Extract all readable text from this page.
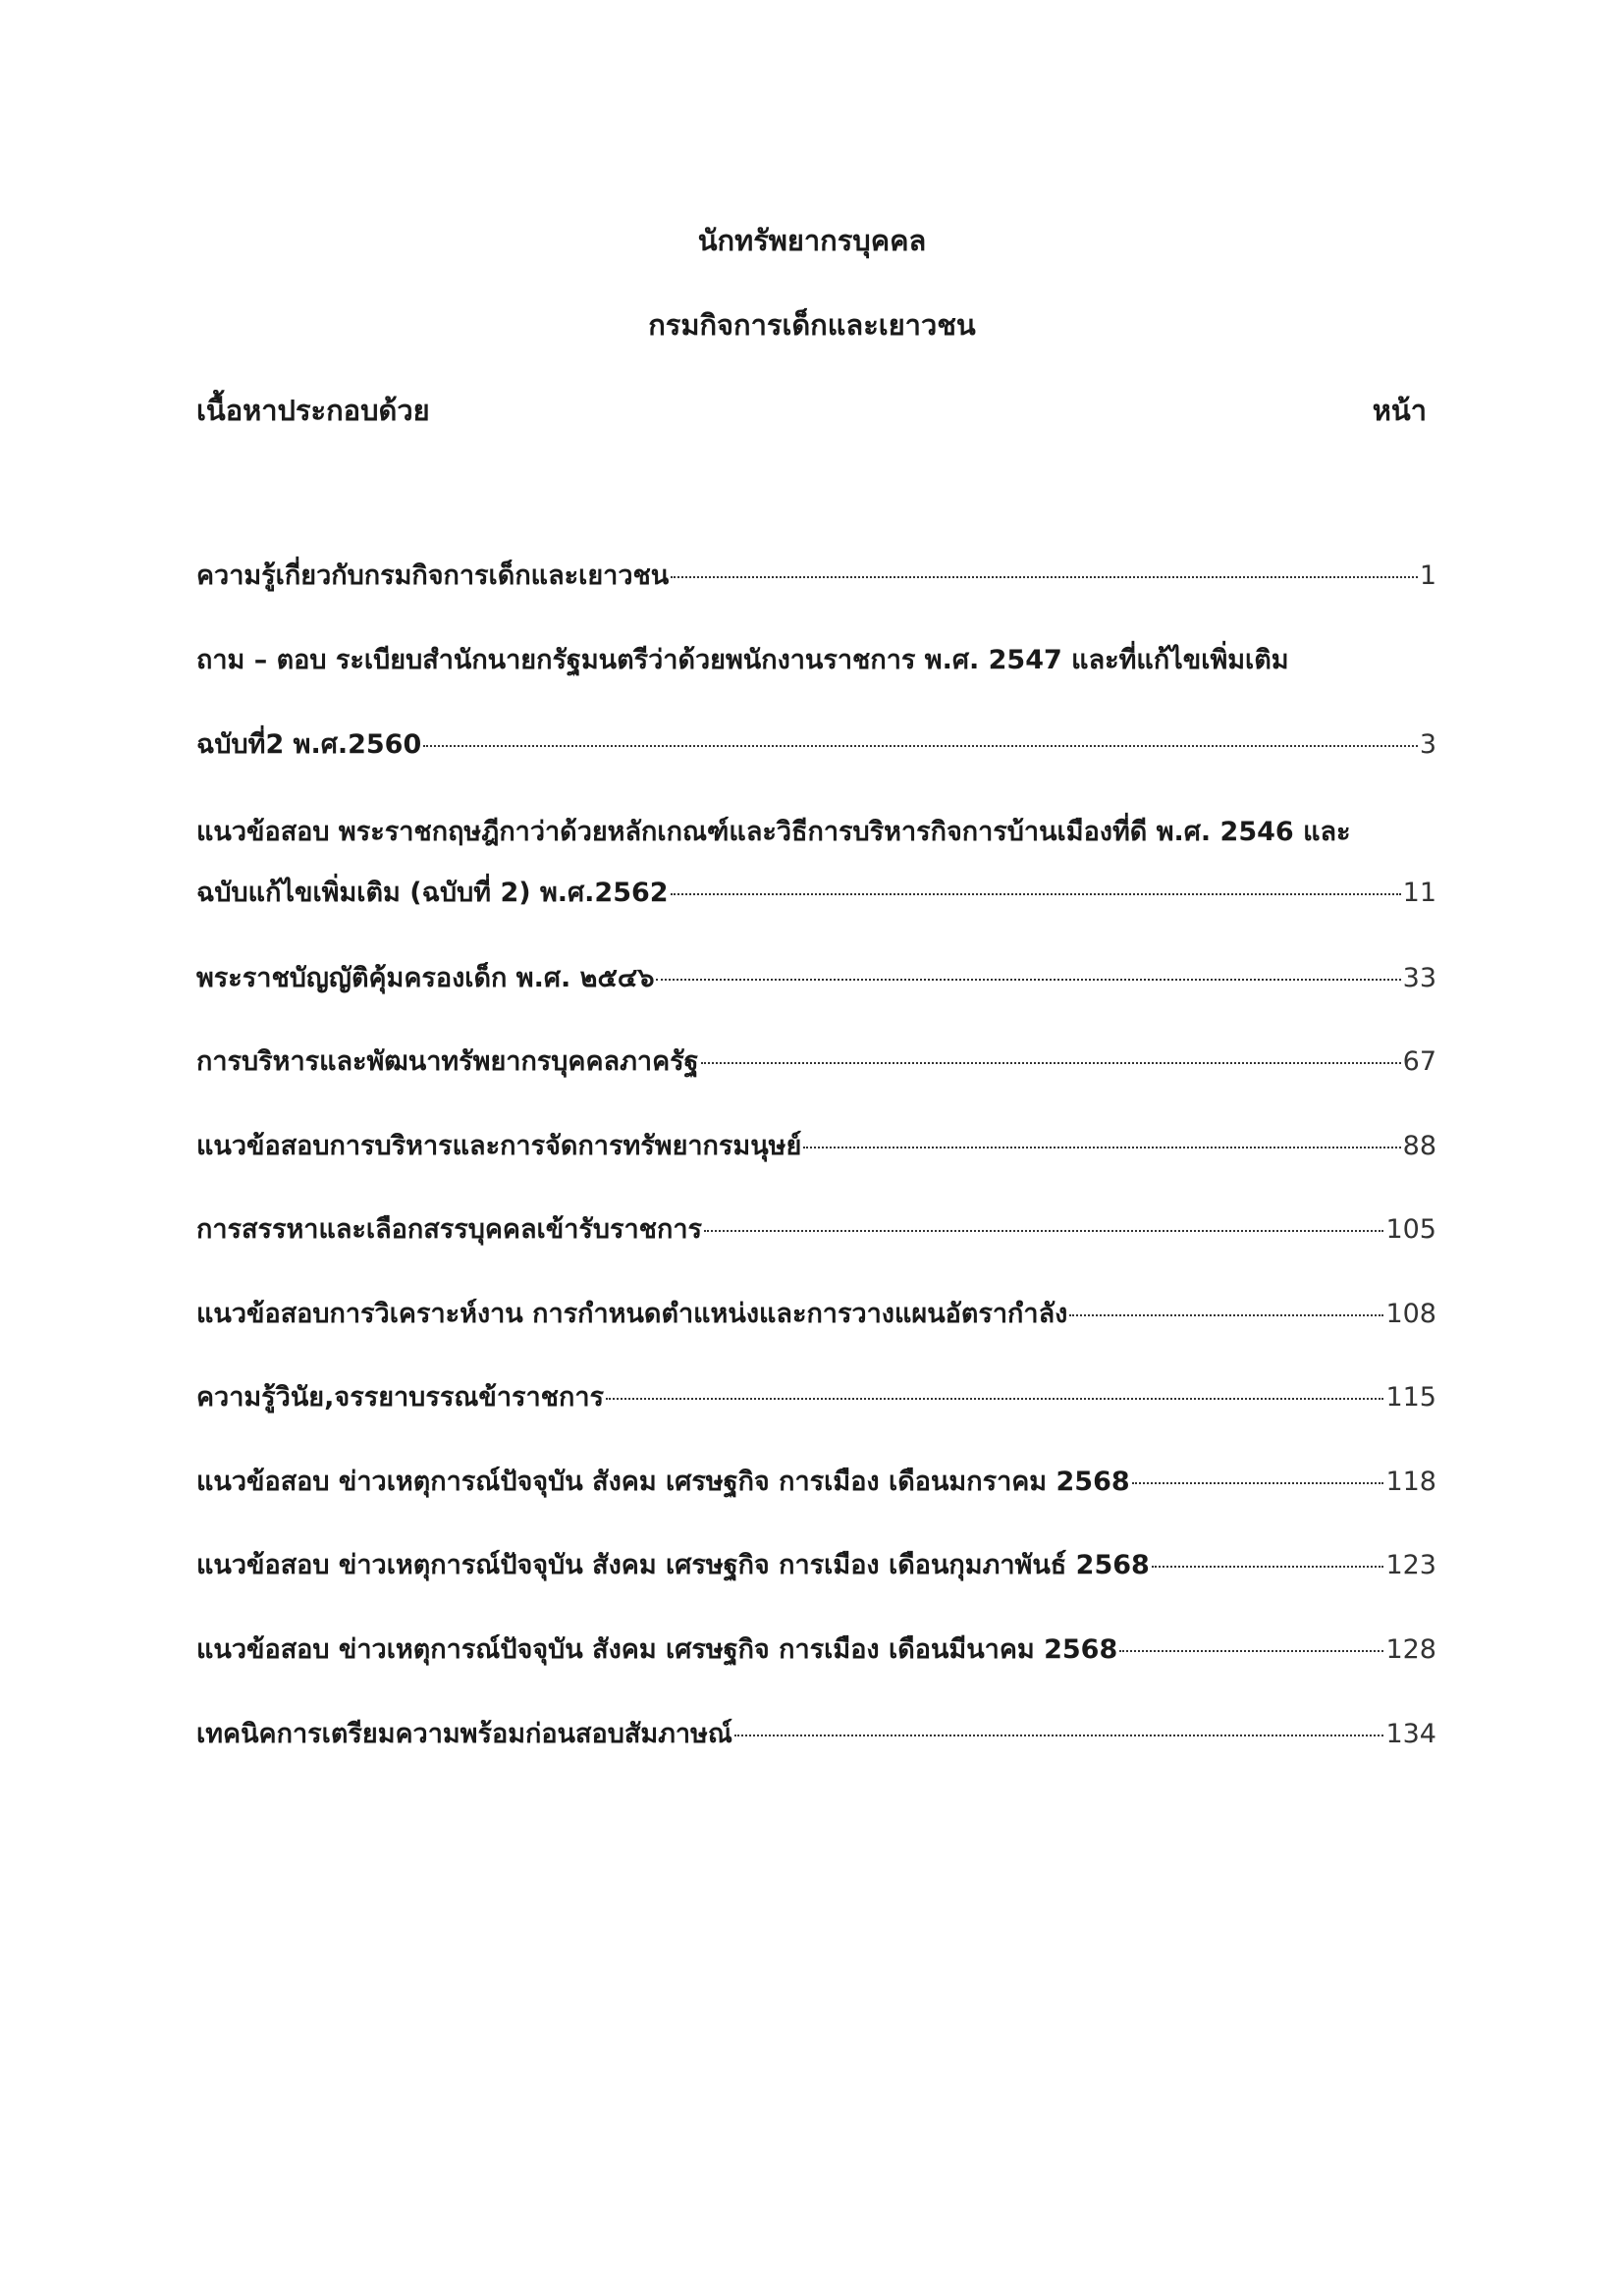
นักทรัพยากรบุคคล
กรมกิจการเด็กและเยาวชน
เนื้อหาประกอบด้วย	หน้า
ความรู้เกี่ยวกับกรมกิจการเด็กและเยาวชน	1
ถาม – ตอบ ระเบียบสำนักนายกรัฐมนตรีว่าด้วยพนักงานราชการ พ.ศ. 2547 และที่แก้ไขเพิ่มเติม
ฉบับที่2 พ.ศ.2560	3
แนวข้อสอบ พระราชกฤษฎีกาว่าด้วยหลักเกณฑ์และวิธีการบริหารกิจการบ้านเมืองที่ดี พ.ศ. 2546 และ
ฉบับแก้ไขเพิ่มเติม (ฉบับที่ 2) พ.ศ.2562	11
พระราชบัญญัติคุ้มครองเด็ก พ.ศ. ๒๕๔๖	33
การบริหารและพัฒนาทรัพยากรบุคคลภาครัฐ	67
แนวข้อสอบการบริหารและการจัดการทรัพยากรมนุษย์	88
การสรรหาและเลือกสรรบุคคลเข้ารับราชการ	105
แนวข้อสอบการวิเคราะห์งาน การกำหนดตำแหน่งและการวางแผนอัตรากำลัง	108
ความรู้วินัย,จรรยาบรรณข้าราชการ	115
แนวข้อสอบ ข่าวเหตุการณ์ปัจจุบัน สังคม เศรษฐกิจ การเมือง เดือนมกราคม 2568	118
แนวข้อสอบ ข่าวเหตุการณ์ปัจจุบัน สังคม เศรษฐกิจ การเมือง เดือนกุมภาพันธ์ 2568	123
แนวข้อสอบ ข่าวเหตุการณ์ปัจจุบัน สังคม เศรษฐกิจ การเมือง เดือนมีนาคม 2568	128
เทคนิคการเตรียมความพร้อมก่อนสอบสัมภาษณ์	134
